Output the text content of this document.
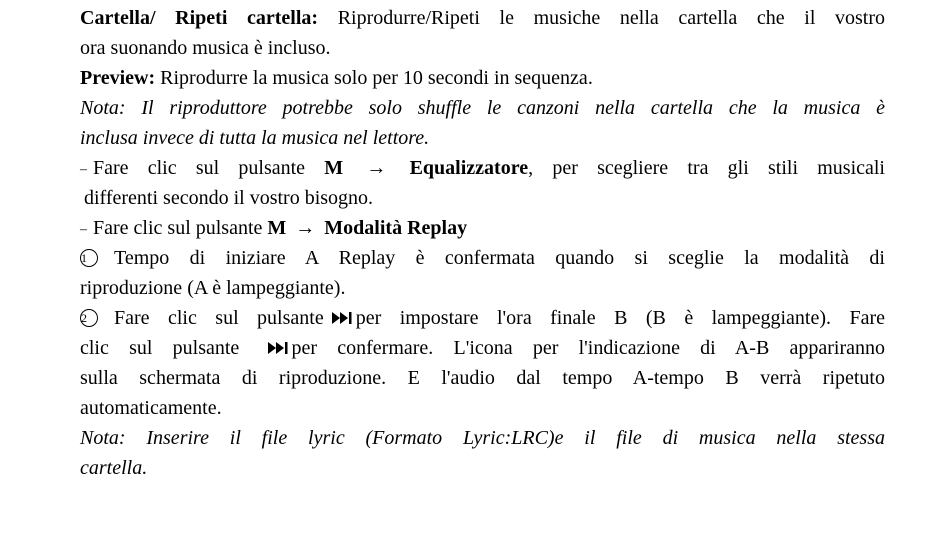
Cartella/ Ripeti cartella: Riprodurre/Ripeti le musiche nella cartella che il vostro
ora suonando musica è incluso.
Preview: Riprodurre la musica solo per 10 secondi in sequenza.
Nota: Il riproduttore potrebbe solo shuffle le canzoni nella cartella che la musica è
inclusa invece di tutta la musica nel lettore.
– Fare clic sul pulsante M → Equalizzatore, per scegliere tra gli stili musicali
differenti secondo il vostro bisogno.
– Fare clic sul pulsante M → Modalità Replay
1 Tempo di iniziare A Replay è confermata quando si sceglie la modalità di
riproduzione (A è lampeggiante).
2 Fare clic sul pulsante per impostare l'ora finale B (B è lampeggiante). Fare
clic sul pulsante	per confermare. L'icona per l'indicazione di A-B appariranno
sulla schermata di riproduzione. E l'audio dal tempo A-tempo B verrà ripetuto
automaticamente.
Nota: Inserire il file lyric (Formato Lyric:LRC)e il file di musica nella stessa
cartella.
